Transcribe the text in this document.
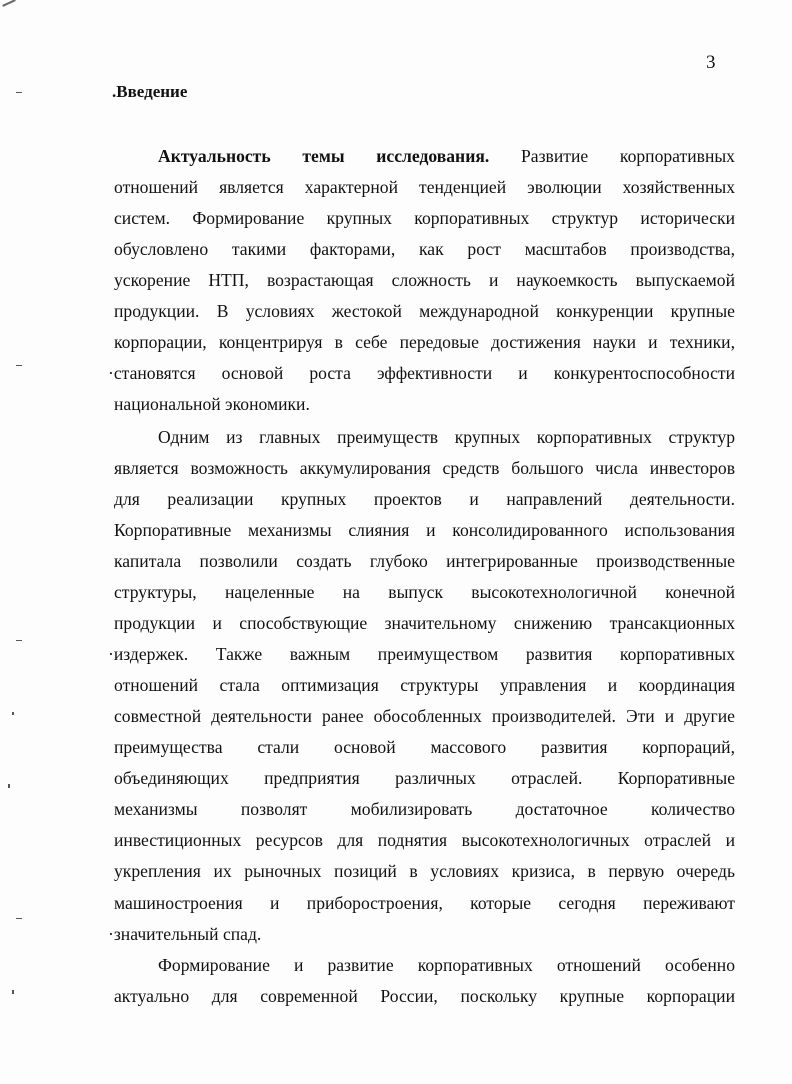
3
.Введение
Актуальность темы исследования. Развитие корпоративных
отношений является характерной тенденцией эволюции хозяйственных
систем. Формирование крупных корпоративных структур исторически
обусловлено такими факторами, как рост масштабов производства,
ускорение НТП, возрастающая сложность и наукоемкость выпускаемой
продукции. В условиях жестокой международной конкуренции крупные
корпорации, концентрируя в себе передовые достижения науки и техники,
·становятся основой роста эффективности и конкурентоспособности
национальной экономики.
Одним из главных преимуществ крупных корпоративных структур
является возможность аккумулирования средств большого числа инвесторов
для реализации крупных проектов и направлений деятельности.
Корпоративные механизмы слияния и консолидированного использования
капитала позволили создать глубоко интегрированные производственные
структуры, нацеленные на выпуск высокотехнологичной конечной
продукции и способствующие значительному снижению трансакционных
·издержек. Также важным преимуществом развития корпоративных
отношений стала оптимизация структуры управления и координация
совместной деятельности ранее обособленных производителей. Эти и другие
преимущества стали основой массового развития корпораций,
объединяющих предприятия различных отраслей. Корпоративные
механизмы позволят мобилизировать достаточное количество
инвестиционных ресурсов для поднятия высокотехнологичных отраслей и
укрепления их рыночных позиций в условиях кризиса, в первую очередь
машиностроения и приборостроения, которые сегодня переживают
·значительный спад.
Формирование и развитие корпоративных отношений особенно
актуально для современной России, поскольку крупные корпорации
